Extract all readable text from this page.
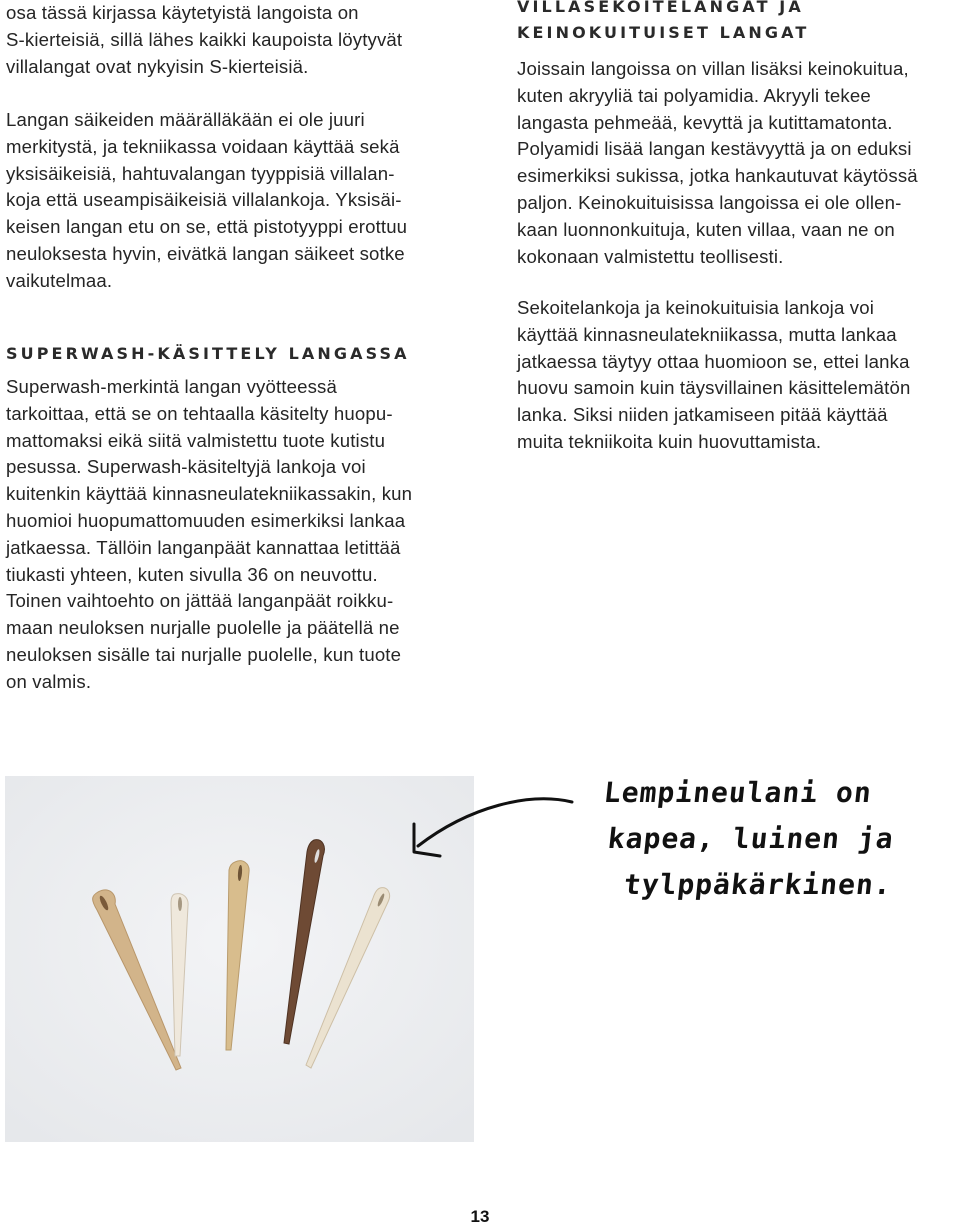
osa tässä kirjassa käytetyistä langoista on

S-kierteisiä, sillä lähes kaikki kaupoista löytyvät

villalangat ovat nykyisin S-kierteisiä.

Langan säikeiden määrälläkään ei ole juuri

merkitystä, ja tekniikassa voidaan käyttää sekä

yksisäikeisiä, hahtuvalangan tyyppisiä villalan-

koja että useampisäikeisiä villalankoja. Yksisäi-

keisen langan etu on se, että pistotyyppi erottuu

neuloksesta hyvin, eivätkä langan säikeet sotke

vaikutelmaa.

SUPERWASH-KÄSITTELY LANGASSA

Superwash-merkintä langan vyötteessä

tarkoittaa, että se on tehtaalla käsitelty huopu-

mattomaksi eikä siitä valmistettu tuote kutistu

pesussa. Superwash-käsiteltyjä lankoja voi

kuitenkin käyttää kinnasneulatekniikassakin, kun

huomioi huopumattomuuden esimerkiksi lankaa

jatkaessa. Tällöin langanpäät kannattaa letittää

tiukasti yhteen, kuten sivulla 36 on neuvottu.

Toinen vaihtoehto on jättää langanpäät roikku-

maan neuloksen nurjalle puolelle ja päätellä ne

neuloksen sisälle tai nurjalle puolelle, kun tuote

on valmis.

VILLASEKOITELANGAT JA
KEINOKUITUISET LANGAT

Joissain langoissa on villan lisäksi keinokuitua,

kuten akryyliä tai polyamidia. Akryyli tekee

langasta pehmeää, kevyttä ja kutittamatonta.

Polyamidi lisää langan kestävyyttä ja on eduksi

esimerkiksi sukissa, jotka hankautuvat käytössä

paljon. Keinokuituisissa langoissa ei ole ollen-

kaan luonnonkuituja, kuten villaa, vaan ne on

kokonaan valmistettu teollisesti.

Sekoitelankoja ja keinokuituisia lankoja voi

käyttää kinnasneulatekniikassa, mutta lankaa

jatkaessa täytyy ottaa huomioon se, ettei lanka

huovu samoin kuin täysvillainen käsittelemätön

lanka. Siksi niiden jatkamiseen pitää käyttää

muita tekniikoita kuin huovuttamista.

Lempineulani on
kapea, luinen ja
tylppäkärkinen.
13
